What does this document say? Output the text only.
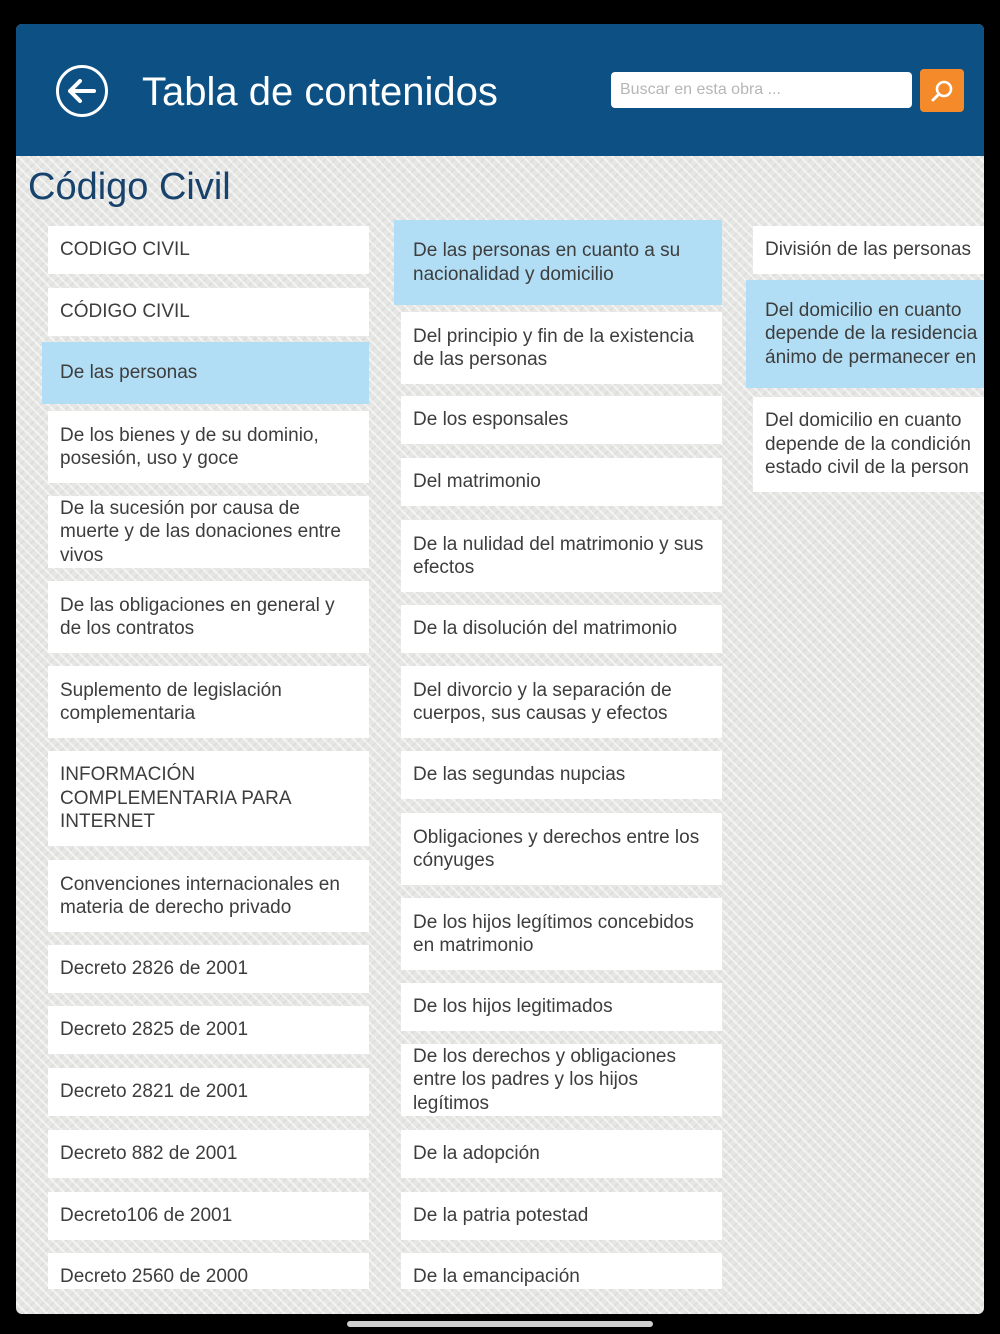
Tabla de contenidos
Buscar en esta obra ...
Código Civil
CODIGO CIVIL
CÓDIGO CIVIL
De las personas
De los bienes y de su dominio, posesión, uso y goce
De la sucesión por causa de muerte y de las donaciones entre vivos
De las obligaciones en general y de los contratos
Suplemento de legislación complementaria
INFORMACIÓN COMPLEMENTARIA PARA INTERNET
Convenciones internacionales en materia de derecho privado
Decreto 2826 de 2001
Decreto 2825 de 2001
Decreto 2821 de 2001
Decreto 882 de 2001
Decreto106 de 2001
Decreto 2560 de 2000
De las personas en cuanto a su nacionalidad y domicilio
Del principio y fin de la existencia de las personas
De los esponsales
Del matrimonio
De la nulidad del matrimonio y sus efectos
De la disolución del matrimonio
Del divorcio y la separación de cuerpos, sus causas y efectos
De las segundas nupcias
Obligaciones y derechos entre los cónyuges
De los hijos legítimos concebidos en matrimonio
De los hijos legitimados
De los derechos y obligaciones entre los padres y los hijos legítimos
De la adopción
De la patria potestad
De la emancipación
División de las personas
Del domicilio en cuanto
depende de la residencia
ánimo de permanecer en
Del domicilio en cuanto
depende de la condición
estado civil de la person
